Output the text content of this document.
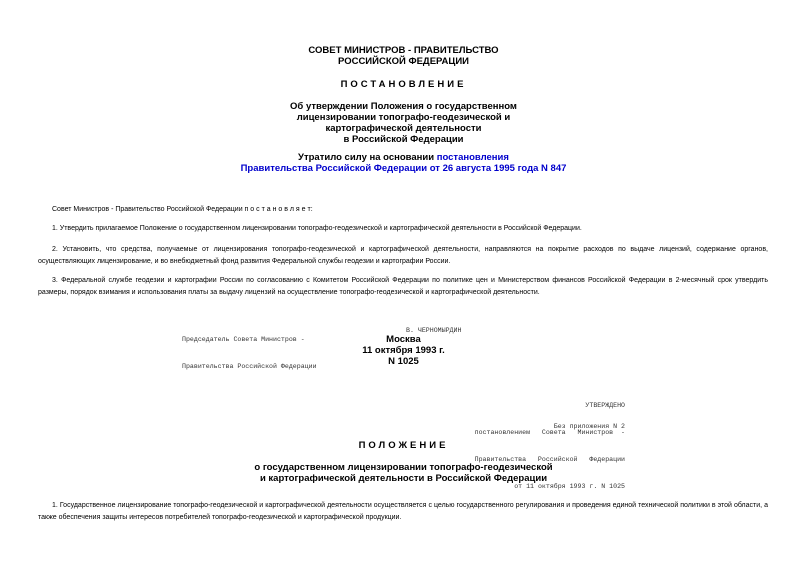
СОВЕТ МИНИСТРОВ - ПРАВИТЕЛЬСТВО
РОССИЙСКОЙ ФЕДЕРАЦИИ
ПОСТАНОВЛЕНИЕ
Об утверждении Положения о государственном
лицензировании топографо-геодезической и
картографической деятельности
в Российской Федерации
Утратило силу на основании постановления
Правительства Российской Федерации от 26 августа 1995 года N 847
Совет Министров - Правительство Российской Федерации п о с т а н о в л я е т:
1. Утвердить прилагаемое Положение о государственном лицензировании топографо-геодезической и картографической деятельности в Российской Федерации.
2. Установить, что средства, получаемые от лицензирования топографо-геодезической и картографической деятельности, направляются на покрытие расходов по выдаче лицензий, содержание органов, осуществляющих лицензирование, и во внебюджетный фонд развития Федеральной службы геодезии и картографии России.
3. Федеральной службе геодезии и картографии России по согласованию с Комитетом Российской Федерации по политике цен и Министерством финансов Российской Федерации в 2-месячный срок утвердить размеры, порядок взимания и использования платы за выдачу лицензий на осуществление топографо-геодезической и картографической деятельности.

Председатель Совета Министров -

Правительства Российской Федерации

В. ЧЕРНОМЫРДИН
Москва
11 октября 1993 г.
N 1025

УТВЕРЖДЕНО

постановлением   Совета   Министров  -

Правительства   Российской   Федерации

от 11 октября 1993 г. N 1025

Без приложения N 2
ПОЛОЖЕНИЕ
о государственном лицензировании топографо-геодезической
и картографической деятельности в Российской Федерации
1. Государственное лицензирование топографо-геодезической и картографической деятельности осуществляется с целью государственного регулирования и проведения единой технической политики в этой области, а также обеспечения защиты интересов потребителей топографо-геодезической и картографической продукции.
